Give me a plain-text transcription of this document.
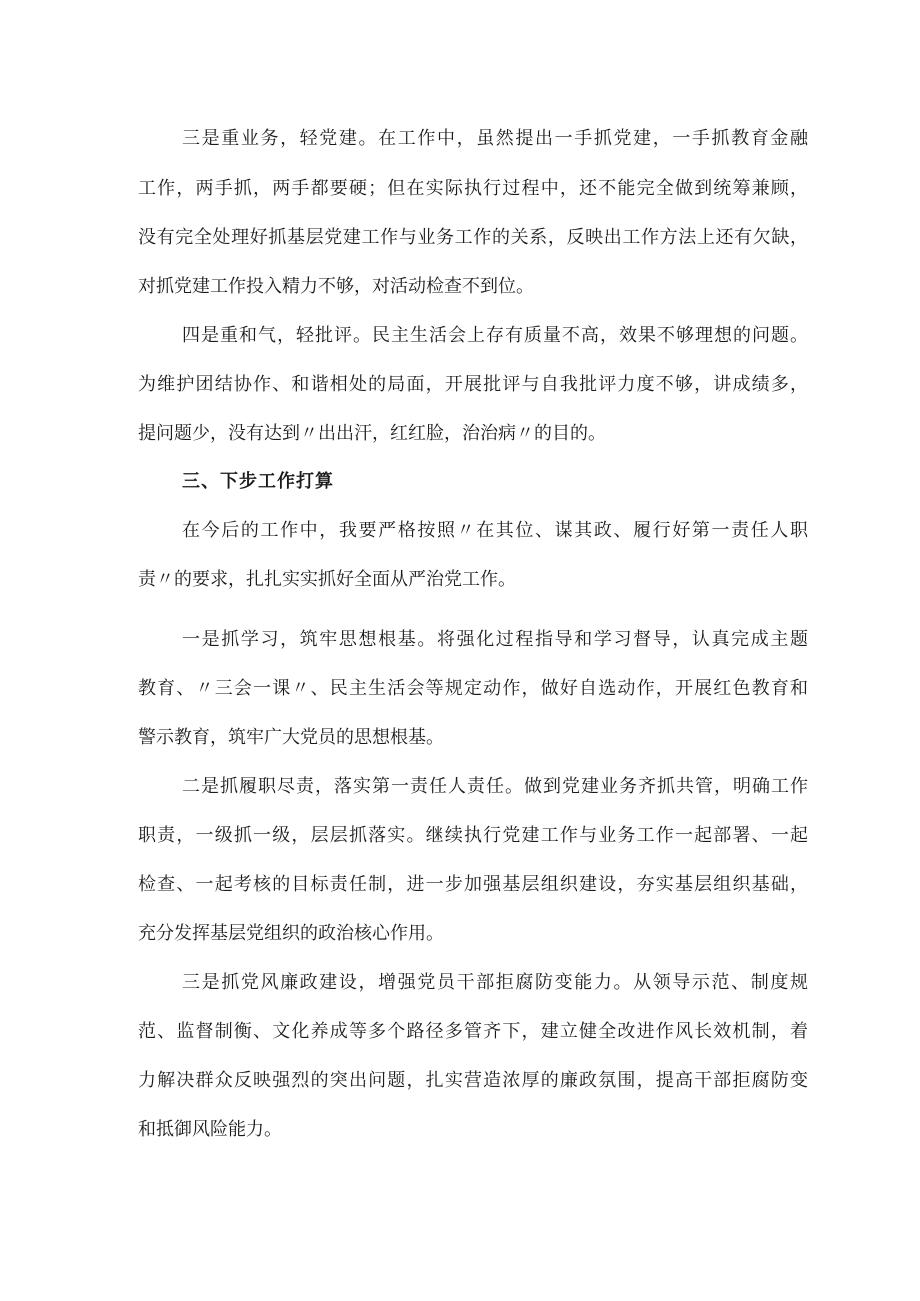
三是重业务，轻党建。在工作中，虽然提出一手抓党建，一手抓教育金融
工作，两手抓，两手都要硬；但在实际执行过程中，还不能完全做到统筹兼顾，
没有完全处理好抓基层党建工作与业务工作的关系，反映出工作方法上还有欠缺，
对抓党建工作投入精力不够，对活动检查不到位。
四是重和气，轻批评。民主生活会上存有质量不高，效果不够理想的问题。
为维护团结协作、和谐相处的局面，开展批评与自我批评力度不够，讲成绩多，
提问题少，没有达到〃出出汗，红红脸，治治病〃的目的。
三、下步工作打算
在今后的工作中，我要严格按照〃在其位、谋其政、履行好第一责任人职
责〃的要求，扎扎实实抓好全面从严治党工作。
一是抓学习，筑牢思想根基。将强化过程指导和学习督导，认真完成主题
教育、〃三会一课〃、民主生活会等规定动作，做好自选动作，开展红色教育和
警示教育，筑牢广大党员的思想根基。
二是抓履职尽责，落实第一责任人责任。做到党建业务齐抓共管，明确工作
职责，一级抓一级，层层抓落实。继续执行党建工作与业务工作一起部署、一起
检查、一起考核的目标责任制，进一步加强基层组织建设，夯实基层组织基础，
充分发挥基层党组织的政治核心作用。
三是抓党风廉政建设，增强党员干部拒腐防变能力。从领导示范、制度规
范、监督制衡、文化养成等多个路径多管齐下，建立健全改进作风长效机制，着
力解决群众反映强烈的突出问题，扎实营造浓厚的廉政氛围，提高干部拒腐防变
和抵御风险能力。
